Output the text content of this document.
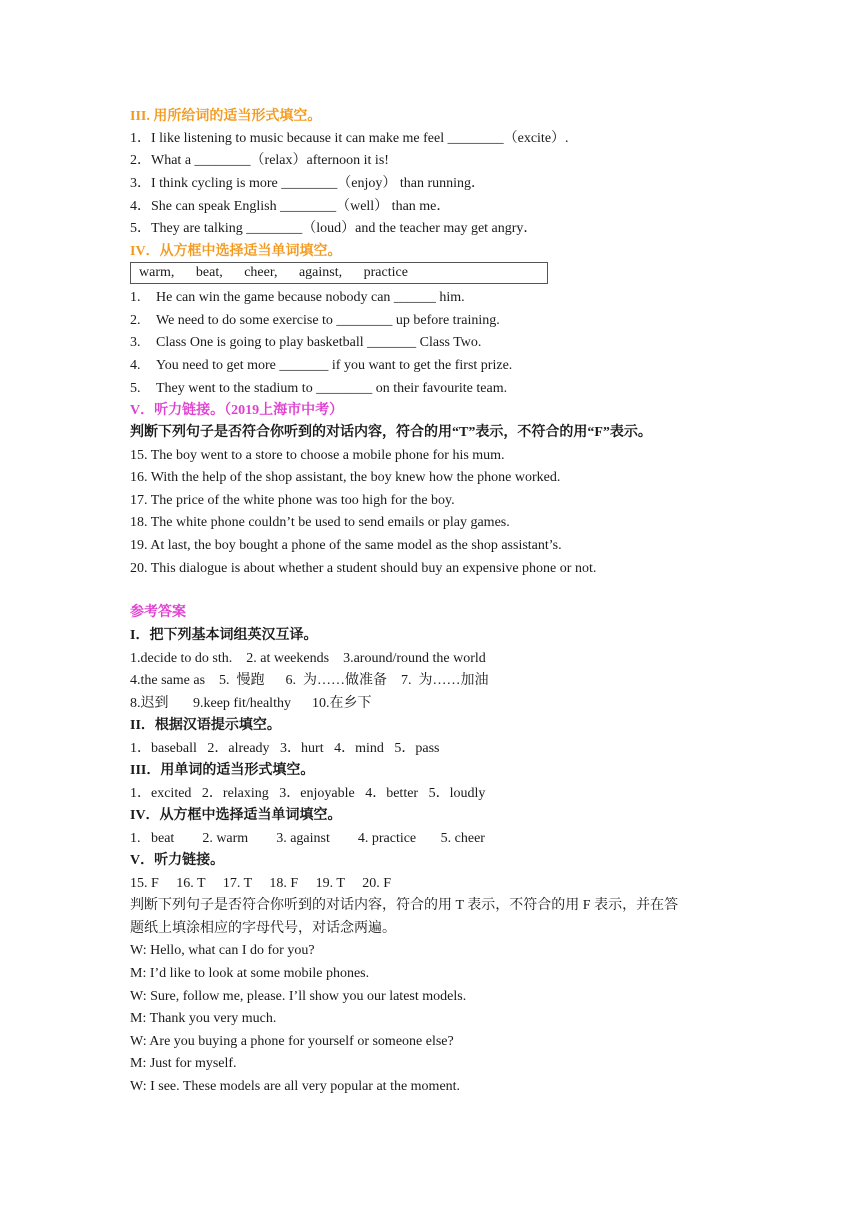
III. 用所给词的适当形式填空。
1．I like listening to music because it can make me feel ________（excite）.
2．What a ________（relax）afternoon it is!
3．I think cycling is more ________（enjoy） than running．
4．She can speak English ________（well） than me．
5．They are talking ________（loud）and the teacher may get angry．
IV．从方框中选择适当单词填空。
warm, beat, cheer, against, practice
1. He can win the game because nobody can ______ him.
2. We need to do some exercise to ________ up before training.
3. Class One is going to play basketball _______ Class Two.
4. You need to get more _______ if you want to get the first prize.
5. They went to the stadium to ________ on their favourite team.
V．听力链接。（2019上海市中考）
判断下列句子是否符合你听到的对话内容，符合的用“T”表示，不符合的用“F”表示。
15. The boy went to a store to choose a mobile phone for his mum.
16. With the help of the shop assistant, the boy knew how the phone worked.
17. The price of the white phone was too high for the boy.
18. The white phone couldn’t be used to send emails or play games.
19. At last, the boy bought a phone of the same model as the shop assistant’s.
20. This dialogue is about whether a student should buy an expensive phone or not.
参考答案
I．把下列基本词组英汉互译。
1.decide to do sth.    2. at weekends    3.around/round the world
4.the same as    5.  慢跑      6.  为……做准备    7.  为……加油
8.迟到       9.keep fit/healthy      10.在乡下
II．根据汉语提示填空。
1．baseball   2．already   3．hurt   4．mind   5．pass
III．用单词的适当形式填空。
1．excited   2．relaxing   3．enjoyable   4．better   5．loudly
IV．从方框中选择适当单词填空。
1.   beat        2. warm        3. against        4. practice       5. cheer
V．听力链接。
15. F     16. T     17. T     18. F     19. T     20. F
判断下列句子是否符合你听到的对话内容，符合的用 T 表示，不符合的用 F 表示，并在答
题纸上填涂相应的字母代号，对话念两遍。
W: Hello, what can I do for you?
M: I’d like to look at some mobile phones.
W: Sure, follow me, please. I’ll show you our latest models.
M: Thank you very much.
W: Are you buying a phone for yourself or someone else?
M: Just for myself.
W: I see. These models are all very popular at the moment.
